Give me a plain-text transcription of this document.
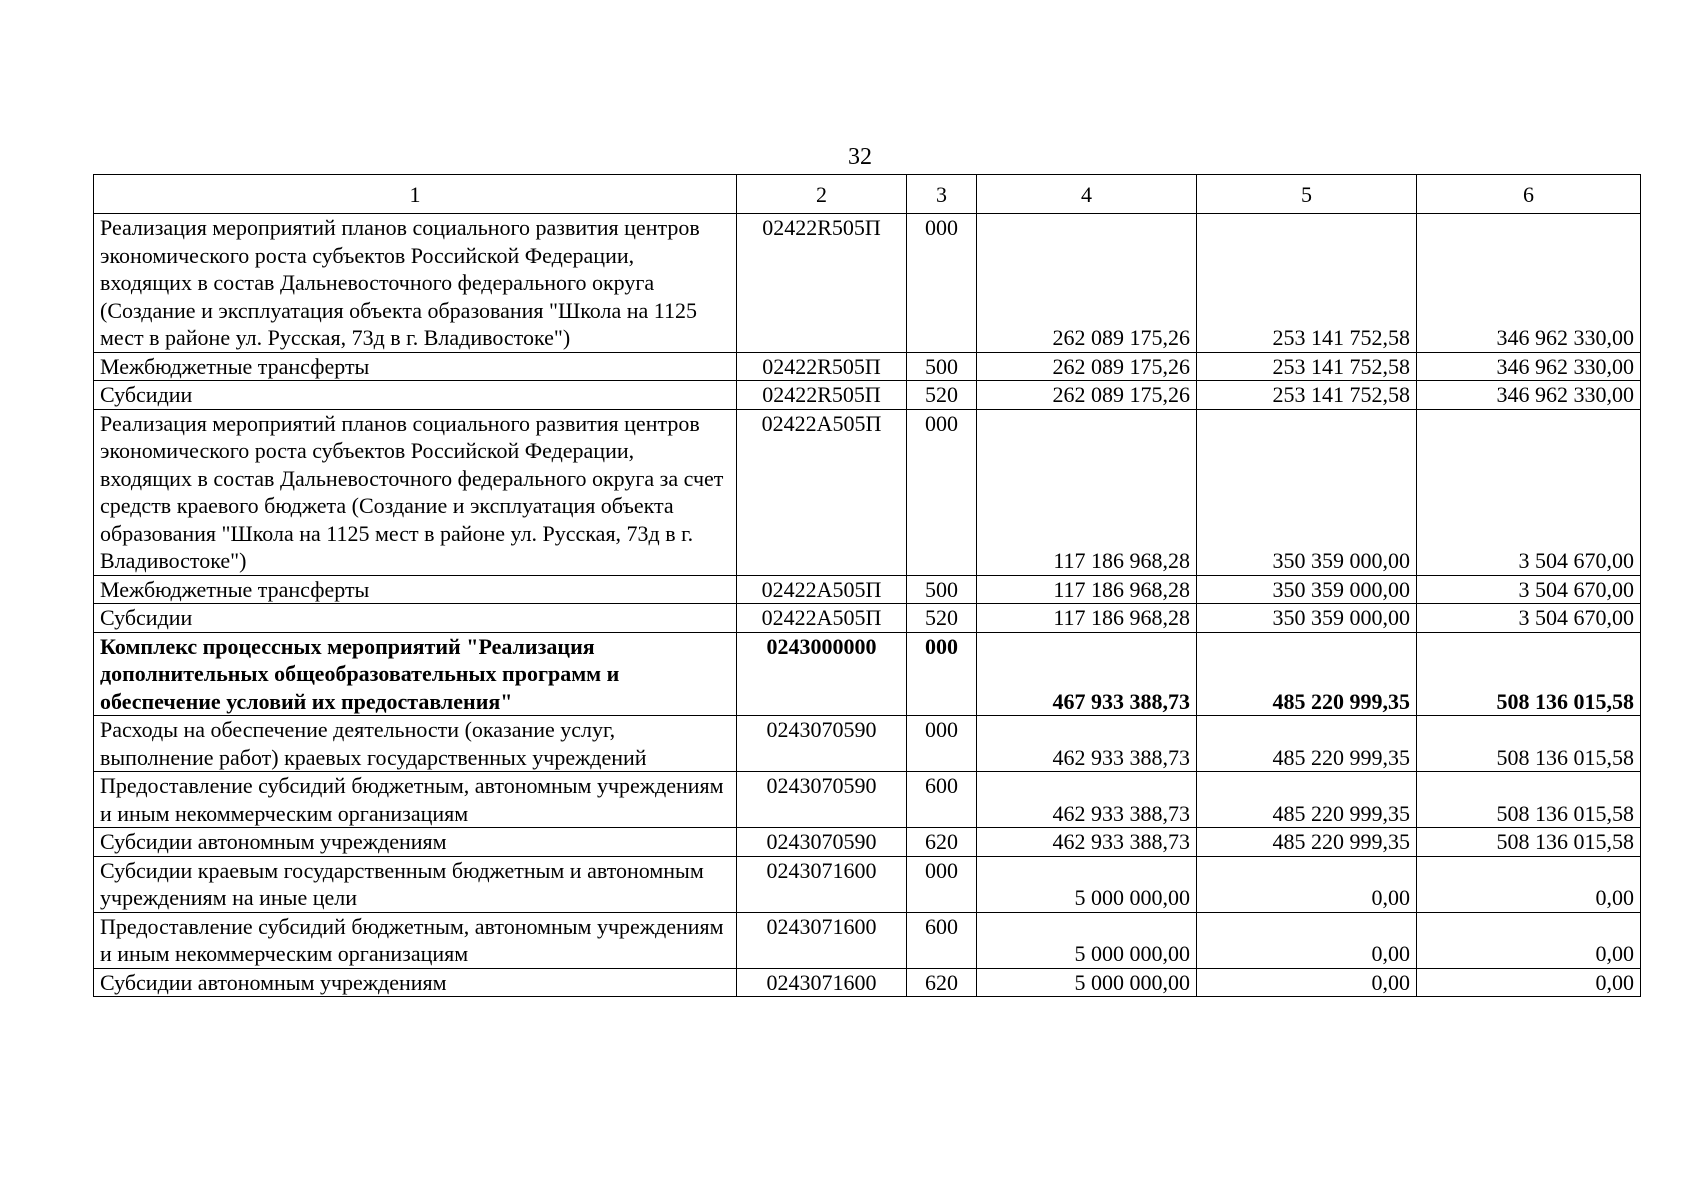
32
1	2	3	4	5	6
Реализация мероприятий планов социального развития центров экономического роста субъектов Российской Федерации, входящих в состав Дальневосточного федерального округа (Создание и эксплуатация объекта образования "Школа на 1125 мест в районе ул. Русская, 73д в г. Владивостоке")	02422R505П	000	262 089 175,26	253 141 752,58	346 962 330,00
Межбюджетные трансферты	02422R505П	500	262 089 175,26	253 141 752,58	346 962 330,00
Субсидии	02422R505П	520	262 089 175,26	253 141 752,58	346 962 330,00
Реализация мероприятий планов социального развития центров экономического роста субъектов Российской Федерации, входящих в состав Дальневосточного федерального округа за счет средств краевого бюджета (Создание и эксплуатация объекта образования "Школа на 1125 мест в районе ул. Русская, 73д в г. Владивостоке")	02422A505П	000	117 186 968,28	350 359 000,00	3 504 670,00
Межбюджетные трансферты	02422A505П	500	117 186 968,28	350 359 000,00	3 504 670,00
Субсидии	02422A505П	520	117 186 968,28	350 359 000,00	3 504 670,00
Комплекс процессных мероприятий "Реализация дополнительных общеобразовательных программ и обеспечение условий их предоставления"	0243000000	000	467 933 388,73	485 220 999,35	508 136 015,58
Расходы на обеспечение деятельности (оказание услуг, выполнение работ) краевых государственных учреждений	0243070590	000	462 933 388,73	485 220 999,35	508 136 015,58
Предоставление субсидий бюджетным, автономным учреждениям и иным некоммерческим организациям	0243070590	600	462 933 388,73	485 220 999,35	508 136 015,58
Субсидии автономным учреждениям	0243070590	620	462 933 388,73	485 220 999,35	508 136 015,58
Субсидии краевым государственным бюджетным и автономным учреждениям на иные цели	0243071600	000	5 000 000,00	0,00	0,00
Предоставление субсидий бюджетным, автономным учреждениям и иным некоммерческим организациям	0243071600	600	5 000 000,00	0,00	0,00
Субсидии автономным учреждениям	0243071600	620	5 000 000,00	0,00	0,00
